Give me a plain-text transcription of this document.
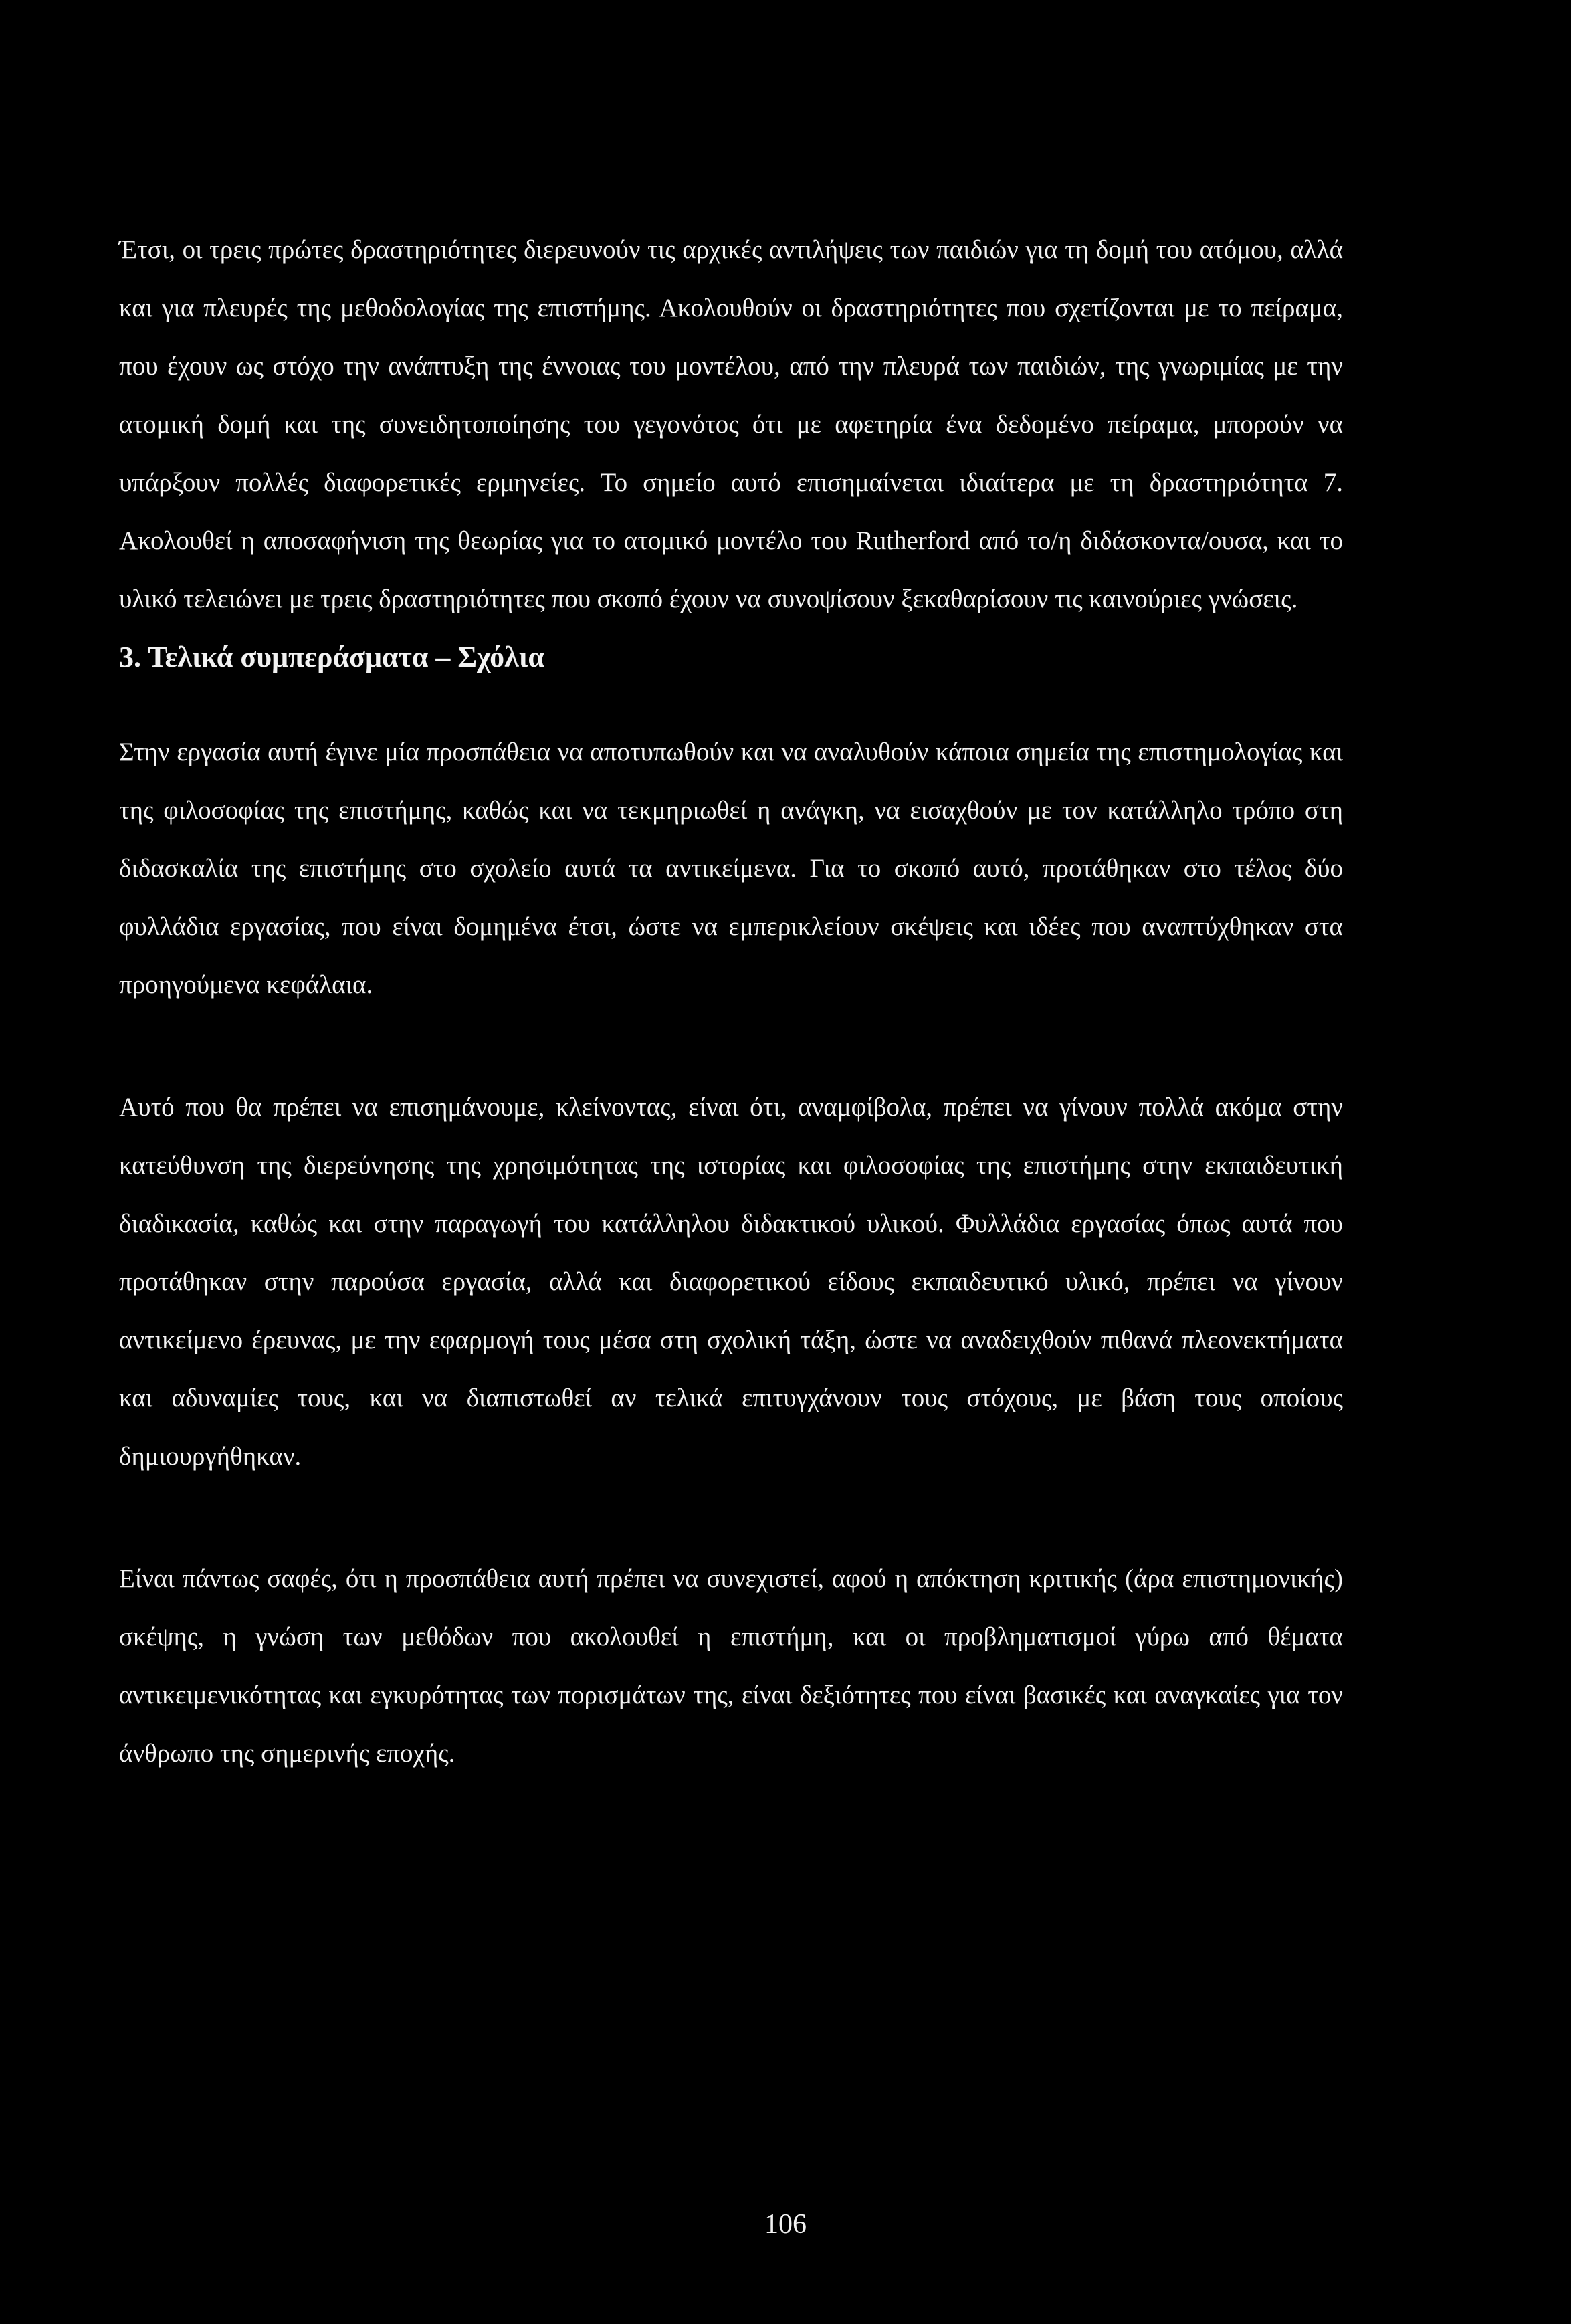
Έτσι, οι τρεις πρώτες δραστηριότητες διερευνούν τις αρχικές αντιλήψεις των παιδιών για τη δομή του ατόμου, αλλά και για πλευρές της μεθοδολογίας της επιστήμης. Ακολουθούν οι δραστηριότητες που σχετίζονται με το πείραμα, που έχουν ως στόχο την ανάπτυξη της έννοιας του μοντέλου, από την πλευρά των παιδιών, της γνωριμίας με την ατομική δομή και της συνειδητοποίησης του γεγονότος ότι με αφετηρία ένα δεδομένο πείραμα, μπορούν να υπάρξουν πολλές διαφορετικές ερμηνείες. Το σημείο αυτό επισημαίνεται ιδιαίτερα με τη δραστηριότητα 7. Ακολουθεί η αποσαφήνιση της θεωρίας για το ατομικό μοντέλο του Rutherford από το/η διδάσκοντα/ουσα, και το υλικό τελειώνει με τρεις δραστηριότητες που σκοπό έχουν να συνοψίσουν ξεκαθαρίσουν τις καινούριες γνώσεις.

3. Τελικά συμπεράσματα – Σχόλια

Στην εργασία αυτή έγινε μία προσπάθεια να αποτυπωθούν και να αναλυθούν κάποια σημεία της επιστημολογίας και της φιλοσοφίας της επιστήμης, καθώς και να τεκμηριωθεί η ανάγκη, να εισαχθούν με τον κατάλληλο τρόπο στη διδασκαλία της επιστήμης στο σχολείο αυτά τα αντικείμενα. Για το σκοπό αυτό, προτάθηκαν στο τέλος δύο φυλλάδια εργασίας, που είναι δομημένα έτσι, ώστε να εμπερικλείουν σκέψεις και ιδέες που αναπτύχθηκαν στα προηγούμενα κεφάλαια.

Αυτό που θα πρέπει να επισημάνουμε, κλείνοντας, είναι ότι, αναμφίβολα, πρέπει να γίνουν πολλά ακόμα στην κατεύθυνση της διερεύνησης της χρησιμότητας της ιστορίας και φιλοσοφίας της επιστήμης στην εκπαιδευτική διαδικασία, καθώς και στην παραγωγή του κατάλληλου διδακτικού υλικού. Φυλλάδια εργασίας όπως αυτά που προτάθηκαν στην παρούσα εργασία, αλλά και διαφορετικού είδους εκπαιδευτικό υλικό, πρέπει να γίνουν αντικείμενο έρευνας, με την εφαρμογή τους μέσα στη σχολική τάξη, ώστε να αναδειχθούν πιθανά πλεονεκτήματα και αδυναμίες τους, και να διαπιστωθεί αν τελικά επιτυγχάνουν τους στόχους, με βάση τους οποίους δημιουργήθηκαν.

Είναι πάντως σαφές, ότι η προσπάθεια αυτή πρέπει να συνεχιστεί, αφού η απόκτηση κριτικής (άρα επιστημονικής) σκέψης, η γνώση των μεθόδων που ακολουθεί η επιστήμη, και οι προβληματισμοί γύρω από θέματα αντικειμενικότητας και εγκυρότητας των πορισμάτων της, είναι δεξιότητες που είναι βασικές και αναγκαίες για τον άνθρωπο της σημερινής εποχής.

106
